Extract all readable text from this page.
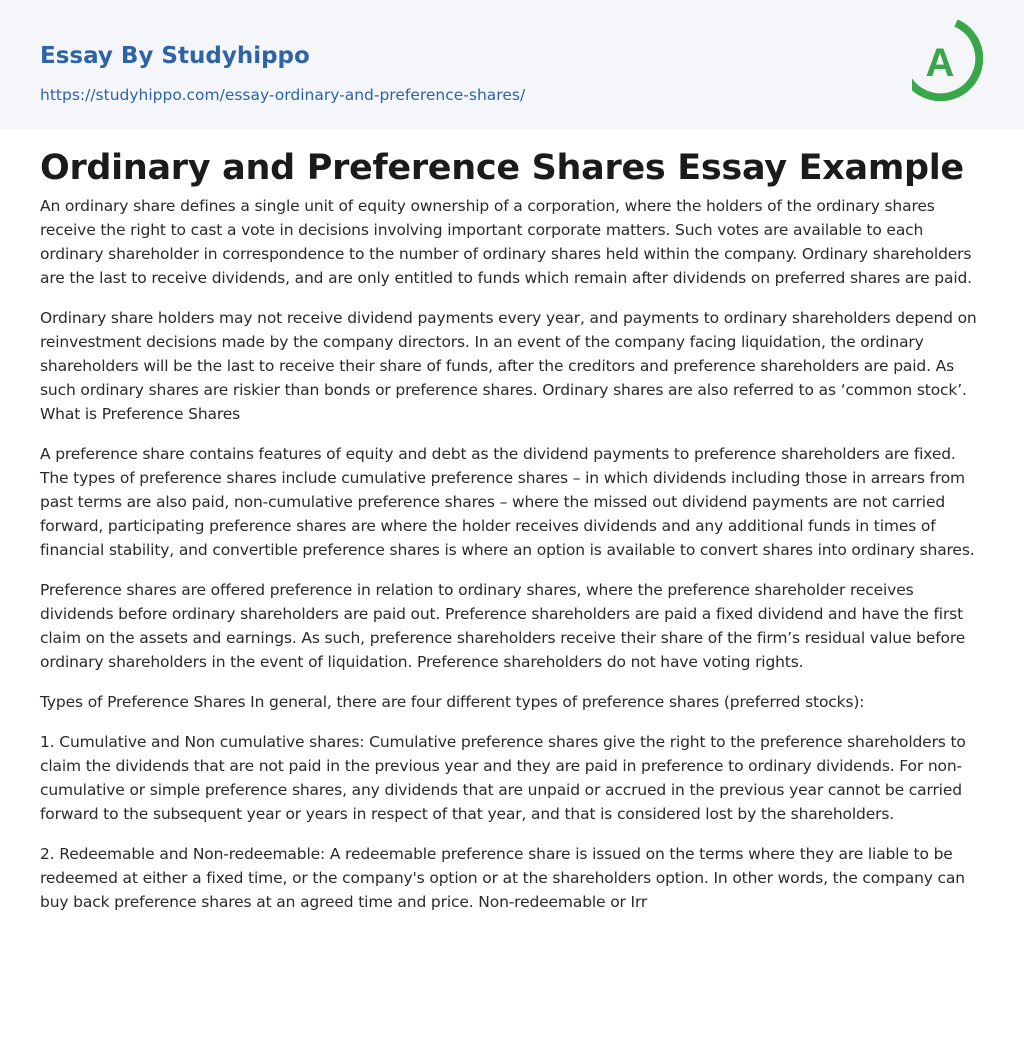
Essay By Studyhippo
https://studyhippo.com/essay-ordinary-and-preference-shares/
A
Ordinary and Preference Shares Essay Example

An ordinary share defines a single unit of equity ownership of a corporation, where the holders of the ordinary shares receive the right to cast a vote in decisions involving important corporate matters. Such votes are available to each ordinary shareholder in correspondence to the number of ordinary shares held within the company. Ordinary shareholders are the last to receive dividends, and are only entitled to funds which remain after dividends on preferred shares are paid.

Ordinary share holders may not receive dividend payments every year, and payments to ordinary shareholders depend on reinvestment decisions made by the company directors. In an event of the company facing liquidation, the ordinary shareholders will be the last to receive their share of funds, after the creditors and preference shareholders are paid. As such ordinary shares are riskier than bonds or preference shares. Ordinary shares are also referred to as ‘common stock’. What is Preference Shares

A preference share contains features of equity and debt as the dividend payments to preference shareholders are fixed. The types of preference shares include cumulative preference shares – in which dividends including those in arrears from past terms are also paid, non-cumulative preference shares – where the missed out dividend payments are not carried forward, participating preference shares are where the holder receives dividends and any additional funds in times of financial stability, and convertible preference shares is where an option is available to convert shares into ordinary shares.

Preference shares are offered preference in relation to ordinary shares, where the preference shareholder receives dividends before ordinary shareholders are paid out. Preference shareholders are paid a fixed dividend and have the first claim on the assets and earnings. As such, preference shareholders receive their share of the firm’s residual value before ordinary shareholders in the event of liquidation. Preference shareholders do not have voting rights.

Types of Preference Shares In general, there are four different types of preference shares (preferred stocks):

1. Cumulative and Non cumulative shares: Cumulative preference shares give the right to the preference shareholders to claim the dividends that are not paid in the previous year and they are paid in preference to ordinary dividends. For non-cumulative or simple preference shares, any dividends that are unpaid or accrued in the previous year cannot be carried forward to the subsequent year or years in respect of that year, and that is considered lost by the shareholders.

2. Redeemable and Non-redeemable: A redeemable preference share is issued on the terms where they are liable to be redeemed at either a fixed time, or the company's option or at the shareholders option. In other words, the company can buy back preference shares at an agreed time and price. Non-redeemable or Irr
